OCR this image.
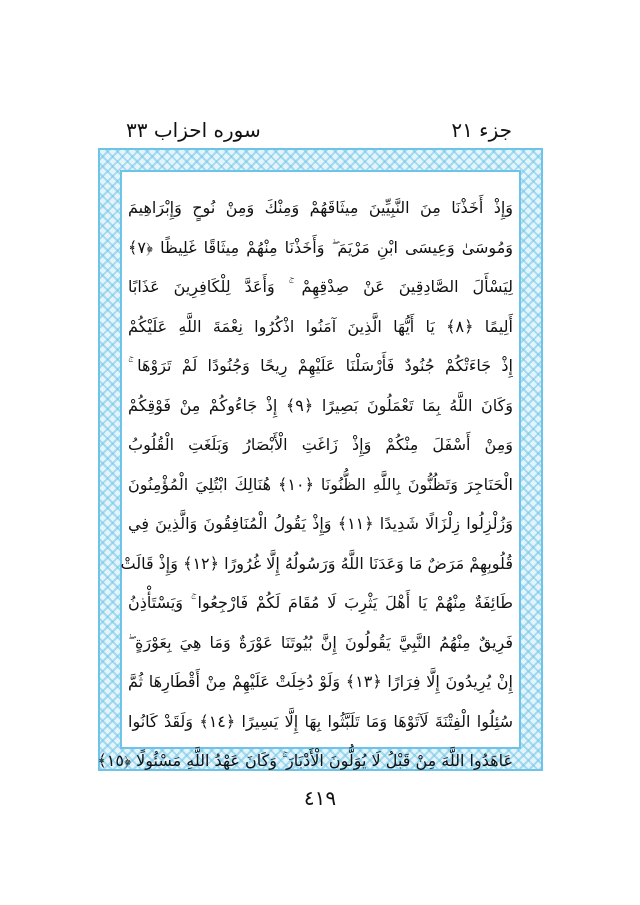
جزء ٢١
سوره احزاب ٣٣
وَإِذْ أَخَذْنَا مِنَ النَّبِيِّينَ مِيثَاقَهُمْ وَمِنْكَ وَمِنْ نُوحٍ وَإِبْرَاهِيمَ
وَمُوسَىٰ وَعِيسَى ابْنِ مَرْيَمَ ۖ وَأَخَذْنَا مِنْهُمْ مِيثَاقًا غَلِيظًا ﴿٧﴾
لِيَسْأَلَ الصَّادِقِينَ عَنْ صِدْقِهِمْ ۚ وَأَعَدَّ لِلْكَافِرِينَ عَذَابًا
أَلِيمًا ﴿٨﴾ يَا أَيُّهَا الَّذِينَ آمَنُوا اذْكُرُوا نِعْمَةَ اللَّهِ عَلَيْكُمْ
إِذْ جَاءَتْكُمْ جُنُودٌ فَأَرْسَلْنَا عَلَيْهِمْ رِيحًا وَجُنُودًا لَمْ تَرَوْهَا ۚ
وَكَانَ اللَّهُ بِمَا تَعْمَلُونَ بَصِيرًا ﴿٩﴾ إِذْ جَاءُوكُمْ مِنْ فَوْقِكُمْ
وَمِنْ أَسْفَلَ مِنْكُمْ وَإِذْ زَاغَتِ الْأَبْصَارُ وَبَلَغَتِ الْقُلُوبُ
الْحَنَاجِرَ وَتَظُنُّونَ بِاللَّهِ الظُّنُونَا ﴿١٠﴾ هُنَالِكَ ابْتُلِيَ الْمُؤْمِنُونَ
وَزُلْزِلُوا زِلْزَالًا شَدِيدًا ﴿١١﴾ وَإِذْ يَقُولُ الْمُنَافِقُونَ وَالَّذِينَ فِي
قُلُوبِهِمْ مَرَضٌ مَا وَعَدَنَا اللَّهُ وَرَسُولُهُ إِلَّا غُرُورًا ﴿١٢﴾ وَإِذْ قَالَتْ
طَائِفَةٌ مِنْهُمْ يَا أَهْلَ يَثْرِبَ لَا مُقَامَ لَكُمْ فَارْجِعُوا ۚ وَيَسْتَأْذِنُ
فَرِيقٌ مِنْهُمُ النَّبِيَّ يَقُولُونَ إِنَّ بُيُوتَنَا عَوْرَةٌ وَمَا هِيَ بِعَوْرَةٍ ۖ
إِنْ يُرِيدُونَ إِلَّا فِرَارًا ﴿١٣﴾ وَلَوْ دُخِلَتْ عَلَيْهِمْ مِنْ أَقْطَارِهَا ثُمَّ
سُئِلُوا الْفِتْنَةَ لَآتَوْهَا وَمَا تَلَبَّثُوا بِهَا إِلَّا يَسِيرًا ﴿١٤﴾ وَلَقَدْ كَانُوا
عَاهَدُوا اللَّهَ مِنْ قَبْلُ لَا يُوَلُّونَ الْأَدْبَارَ ۚ وَكَانَ عَهْدُ اللَّهِ مَسْئُولًا ﴿١٥﴾
٤١٩
